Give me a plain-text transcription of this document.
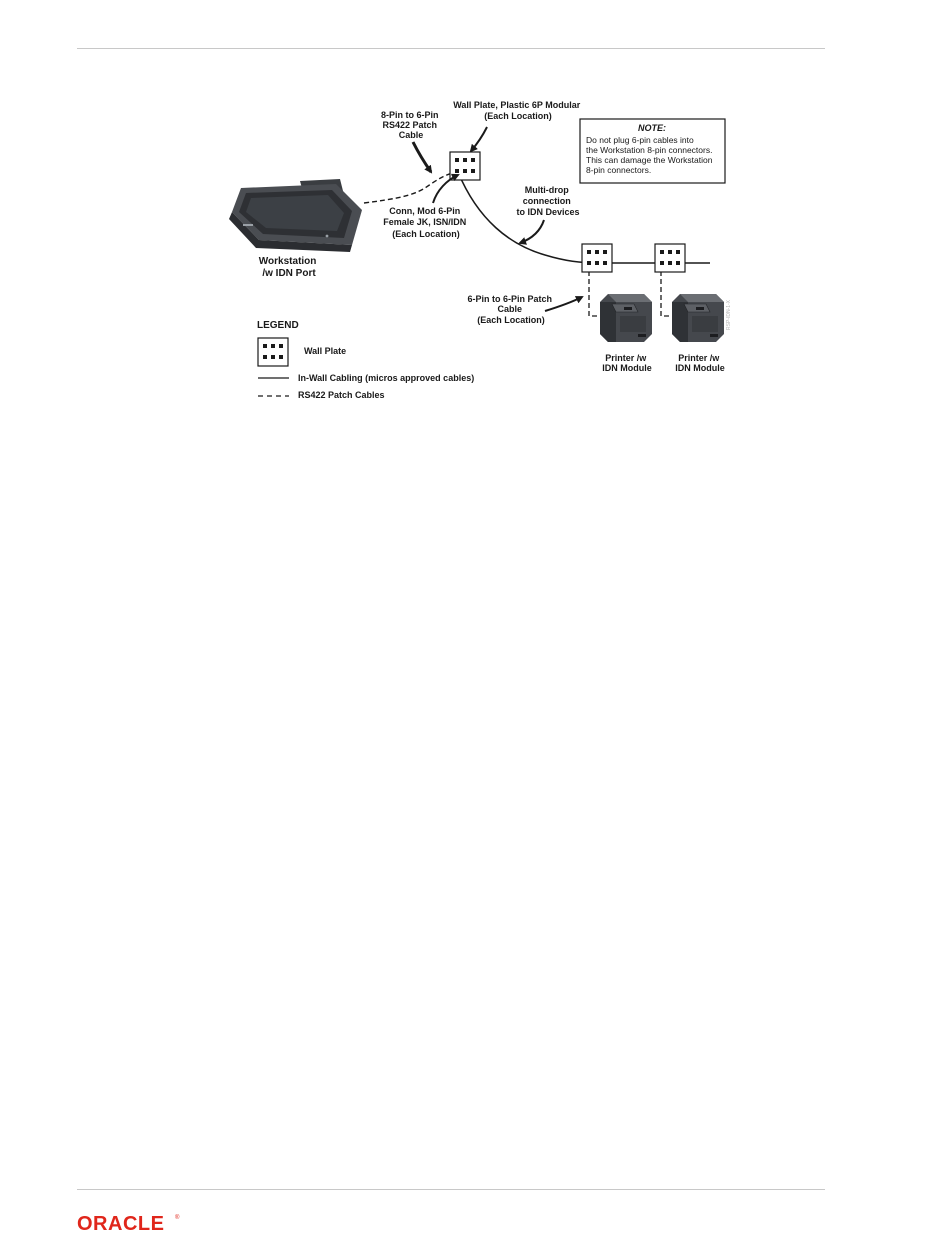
8-Pin to 6-Pin RS422 Patch Cable
Wall Plate, Plastic 6P Modular (Each Location)
Conn, Mod 6-Pin Female JK, ISN/IDN (Each Location)
Multi-drop connection to IDN Devices
Workstation /w IDN Port
6-Pin to 6-Pin Patch Cable (Each Location)
Printer /w IDN Module
Printer /w IDN Module
RSP-IDN-1-X
NOTE:
Do not plug 6-pin cables into the Workstation 8-pin connectors. This can damage the Workstation 8-pin connectors.
LEGEND
Wall Plate
In-Wall Cabling (micros approved cables)
RS422 Patch Cables
ORACLE ®
